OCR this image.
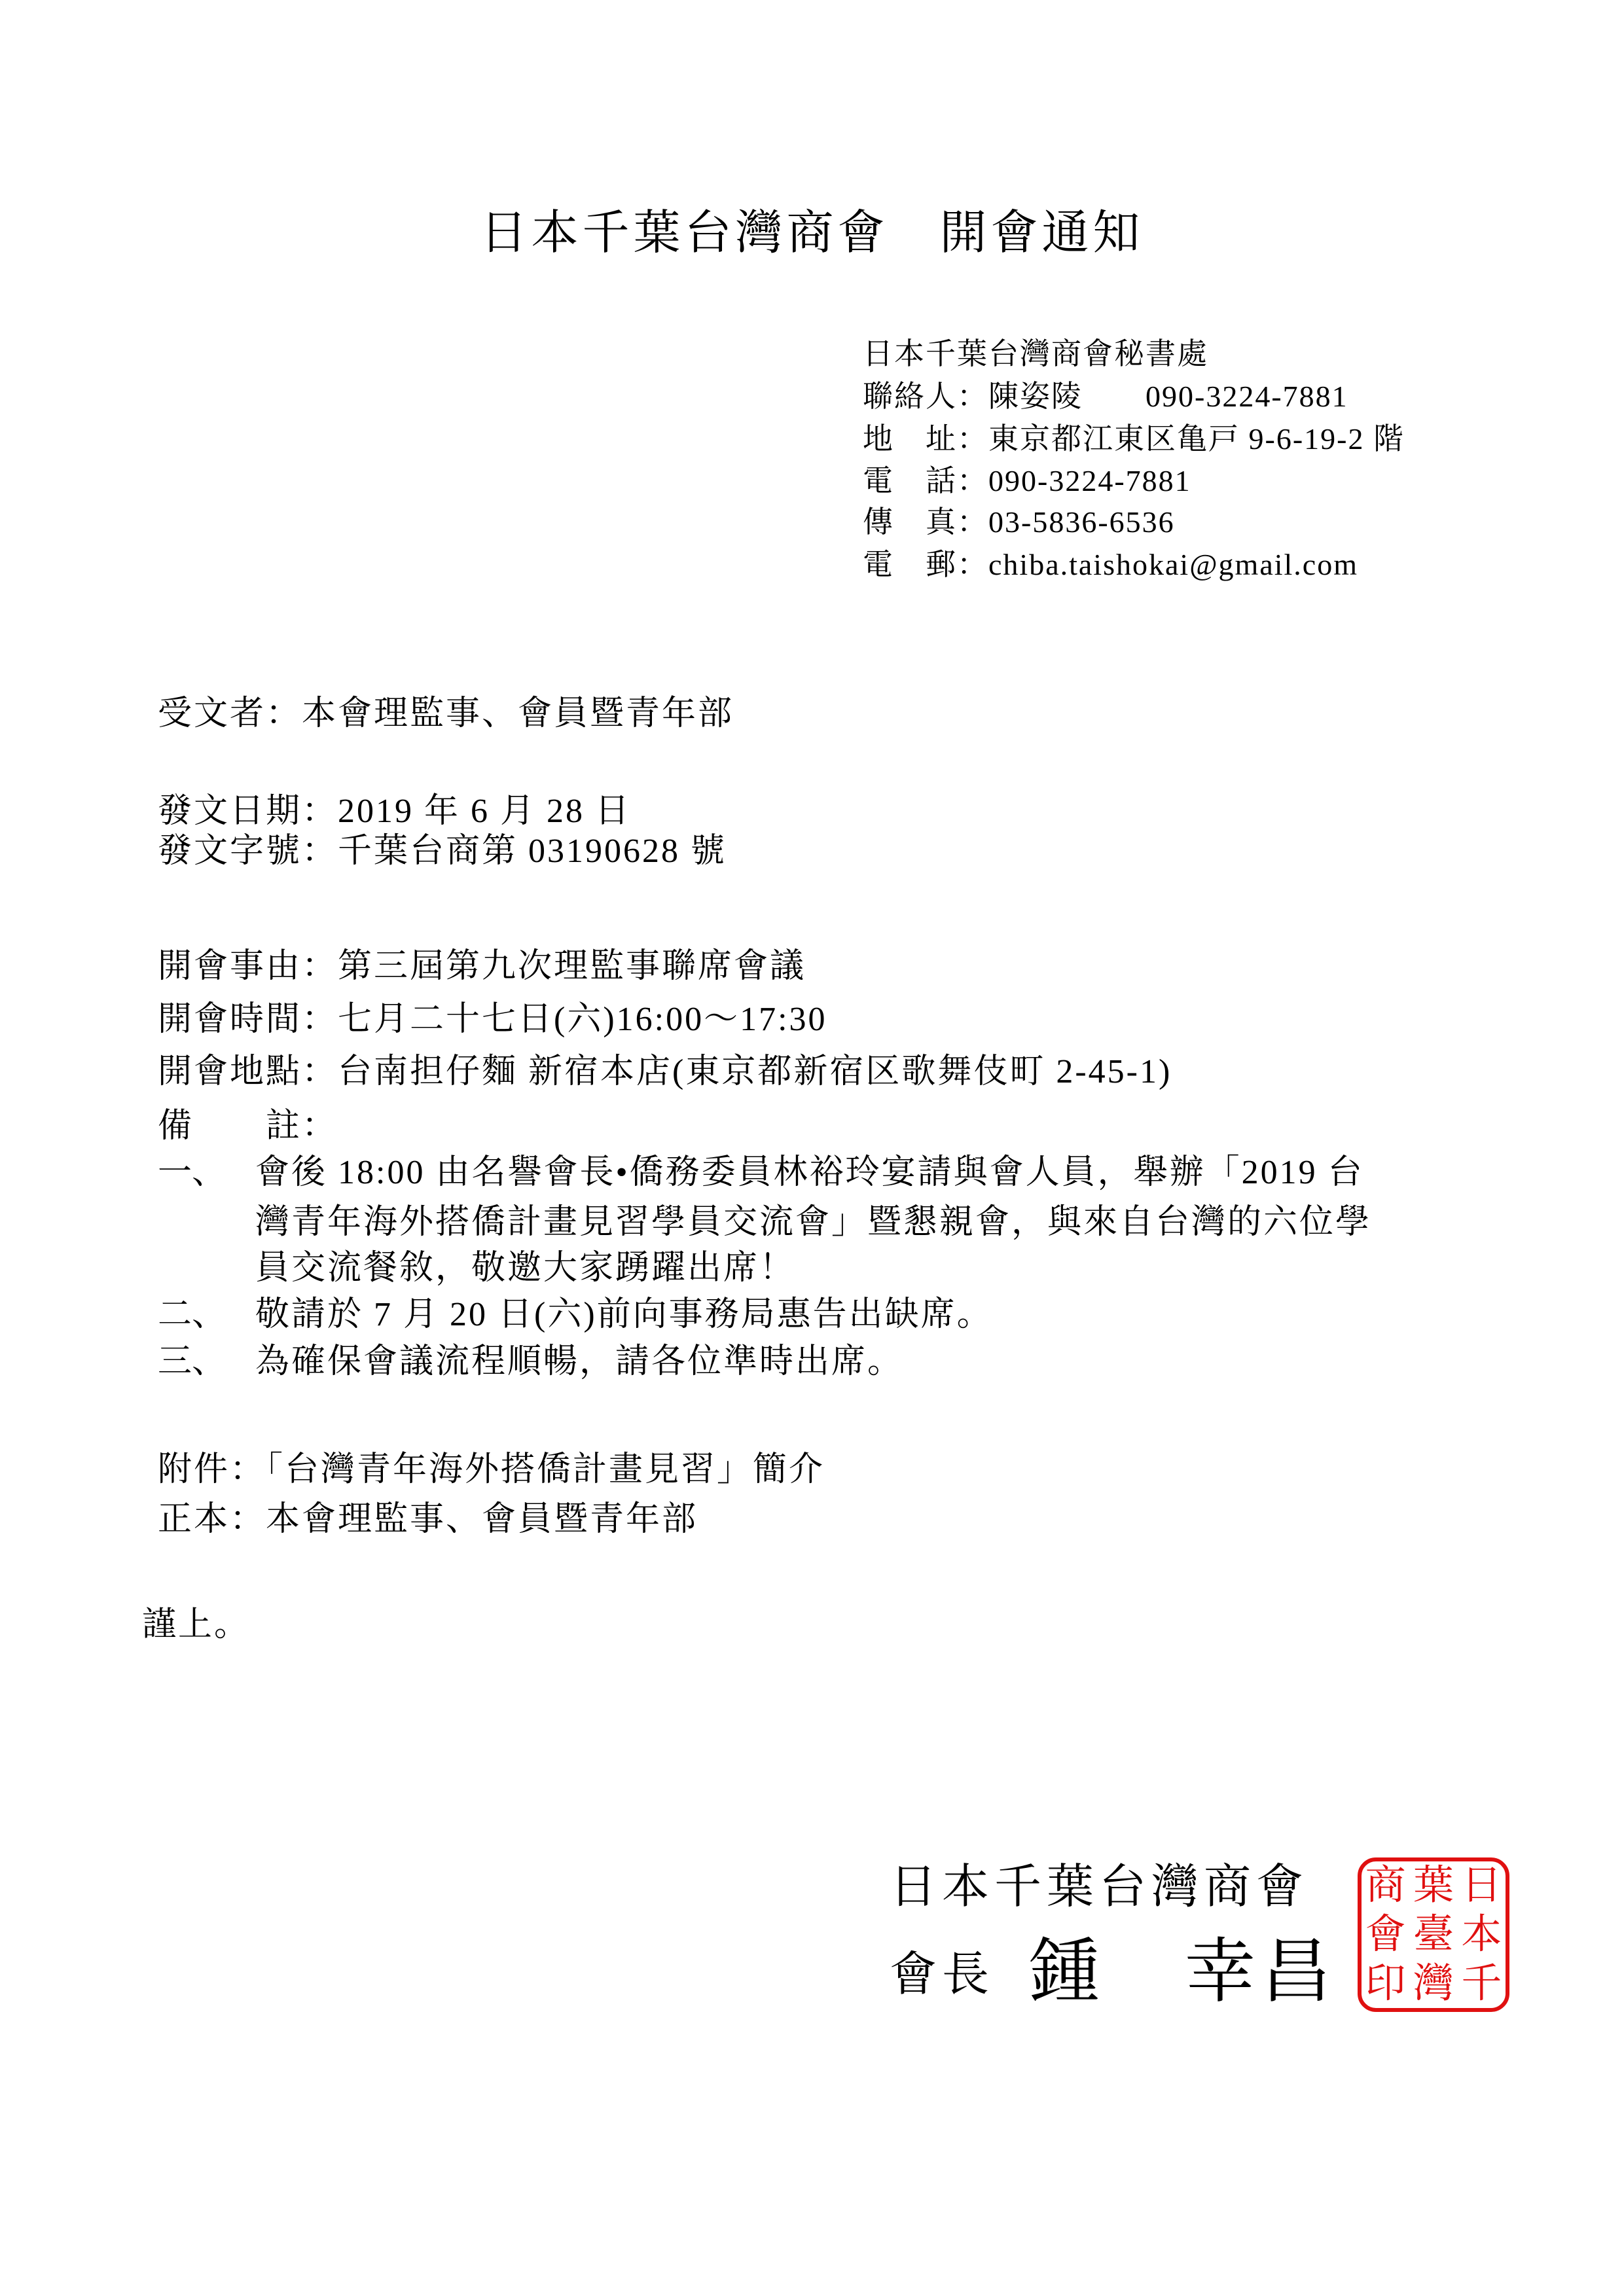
日本千葉台灣商會　開會通知
日本千葉台灣商會秘書處
聯絡人：陳姿陵　　090-3224-7881
地　址：東京都江東区亀戸 9-6-19-2 階
電　話：090-3224-7881
傳　真：03-5836-6536
電　郵：chiba.taishokai@gmail.com
受文者：本會理監事、會員暨青年部
發文日期：2019 年 6 月 28 日
發文字號：千葉台商第 03190628 號
開會事由：第三屆第九次理監事聯席會議
開會時間：七月二十七日(六)16:00～17:30
開會地點：台南担仔麵 新宿本店(東京都新宿区歌舞伎町 2-45-1)
備　　註：
一、 會後 18:00 由名譽會長•僑務委員林裕玲宴請與會人員，舉辦「2019 台
灣青年海外搭僑計畫見習學員交流會」暨懇親會，與來自台灣的六位學
員交流餐敘，敬邀大家踴躍出席！
二、 敬請於 7 月 20 日(六)前向事務局惠告出缺席。
三、 為確保會議流程順暢，請各位準時出席。
附件：「台灣青年海外搭僑計畫見習」簡介
正本：本會理監事、會員暨青年部
謹上。
日本千葉台灣商會
會長 鍾 幸昌
日
本
千
葉
臺
灣
商
會
印
